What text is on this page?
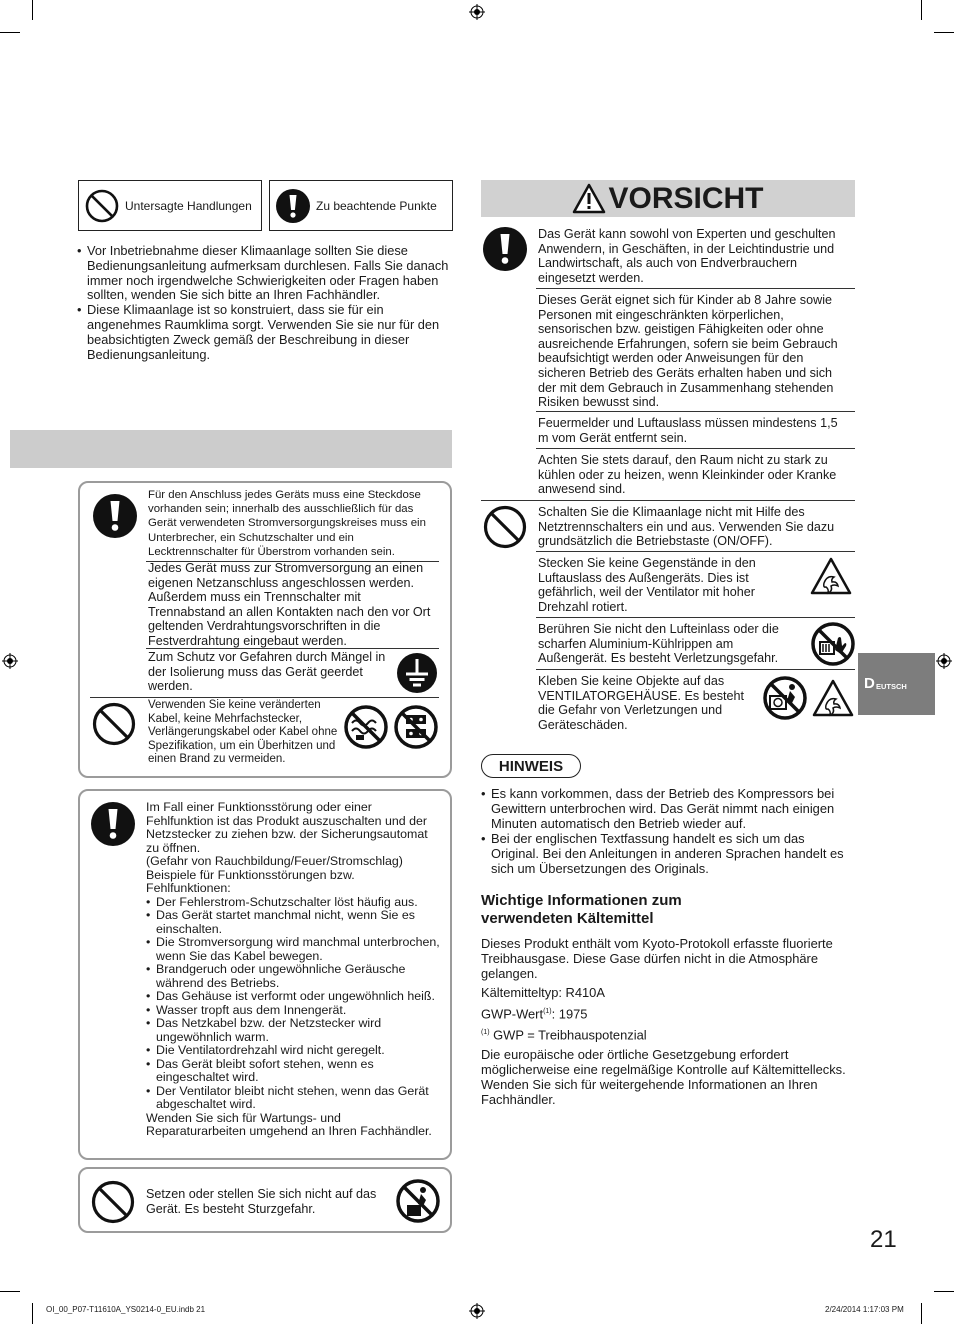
Untersagte Handlungen	Zu beachtende Punkte
• Vor Inbetriebnahme dieser Klimaanlage sollten Sie diese Bedienungsanleitung aufmerksam durchlesen. Falls Sie danach immer noch irgendwelche Schwierigkeiten oder Fragen haben sollten, wenden Sie sich bitte an Ihren Fachhändler.
• Diese Klimaanlage ist so konstruiert, dass sie für ein angenehmes Raumklima sorgt. Verwenden Sie sie nur für den beabsichtigten Zweck gemäß der Beschreibung in dieser Bedienungsanleitung.
Für den Anschluss jedes Geräts muss eine Steckdose vorhanden sein; innerhalb des ausschließlich für das Gerät verwendeten Stromversorgungskreises muss ein Unterbrecher, ein Schutzschalter und ein Lecktrennschalter für Überstrom vorhanden sein.
Jedes Gerät muss zur Stromversorgung an einen eigenen Netzanschluss angeschlossen werden. Außerdem muss ein Trennschalter mit Trennabstand an allen Kontakten nach den vor Ort geltenden Verdrahtungsvorschriften in die Festverdrahtung eingebaut werden.
Zum Schutz vor Gefahren durch Mängel in der Isolierung muss das Gerät geerdet werden.
Verwenden Sie keine veränderten Kabel, keine Mehrfachstecker, Verlängerungskabel oder Kabel ohne Spezifikation, um ein Überhitzen und einen Brand zu vermeiden.
Im Fall einer Funktionsstörung oder einer Fehlfunktion ist das Produkt auszuschalten und der Netzstecker zu ziehen bzw. der Sicherungsautomat zu öffnen.
(Gefahr von Rauchbildung/Feuer/Stromschlag)
Beispiele für Funktionsstörungen bzw. Fehlfunktionen:
• Der Fehlerstrom-Schutzschalter löst häufig aus.
• Das Gerät startet manchmal nicht, wenn Sie es einschalten.
• Die Stromversorgung wird manchmal unterbrochen, wenn Sie das Kabel bewegen.
• Brandgeruch oder ungewöhnliche Geräusche während des Betriebs.
• Das Gehäuse ist verformt oder ungewöhnlich heiß.
• Wasser tropft aus dem Innengerät.
• Das Netzkabel bzw. der Netzstecker wird ungewöhnlich warm.
• Die Ventilatordrehzahl wird nicht geregelt.
• Das Gerät bleibt sofort stehen, wenn es eingeschaltet wird.
• Der Ventilator bleibt nicht stehen, wenn das Gerät abgeschaltet wird.
Wenden Sie sich für Wartungs- und Reparaturarbeiten umgehend an Ihren Fachhändler.
Setzen oder stellen Sie sich nicht auf das Gerät. Es besteht Sturzgefahr.
VORSICHT
Das Gerät kann sowohl von Experten und geschulten Anwendern, in Geschäften, in der Leichtindustrie und Landwirtschaft, als auch von Endverbrauchern eingesetzt werden.
Dieses Gerät eignet sich für Kinder ab 8 Jahre sowie Personen mit eingeschränkten körperlichen, sensorischen bzw. geistigen Fähigkeiten oder ohne ausreichende Erfahrungen, sofern sie beim Gebrauch beaufsichtigt werden oder Anweisungen für den sicheren Betrieb des Geräts erhalten haben und sich der mit dem Gebrauch in Zusammenhang stehenden Risiken bewusst sind.
Feuermelder und Luftauslass müssen mindestens 1,5 m vom Gerät entfernt sein.
Achten Sie stets darauf, den Raum nicht zu stark zu kühlen oder zu heizen, wenn Kleinkinder oder Kranke anwesend sind.
Schalten Sie die Klimaanlage nicht mit Hilfe des Netztrennschalters ein und aus. Verwenden Sie dazu grundsätzlich die Betriebstaste (ON/OFF).
Stecken Sie keine Gegenstände in den Luftauslass des Außengeräts. Dies ist gefährlich, weil der Ventilator mit hoher Drehzahl rotiert.
Berühren Sie nicht den Lufteinlass oder die scharfen Aluminium-Kühlrippen am Außengerät. Es besteht Verletzungsgefahr.
Kleben Sie keine Objekte auf das VENTILATORGEHÄUSE. Es besteht die Gefahr von Verletzungen und Geräteschäden.
HINWEIS
• Es kann vorkommen, dass der Betrieb des Kompressors bei Gewittern unterbrochen wird. Das Gerät nimmt nach einigen Minuten automatisch den Betrieb wieder auf.
• Bei der englischen Textfassung handelt es sich um das Original. Bei den Anleitungen in anderen Sprachen handelt es sich um Übersetzungen des Originals.
Wichtige Informationen zum verwendeten Kältemittel
Dieses Produkt enthält vom Kyoto-Protokoll erfasste fluorierte Treibhausgase. Diese Gase dürfen nicht in die Atmosphäre gelangen.
Kältemitteltyp: R410A
GWP-Wert$^{(1)}$: 1975
$^{(1)}$ GWP = Treibhauspotenzial
Die europäische oder örtliche Gesetzgebung erfordert möglicherweise eine regelmäßige Kontrolle auf Kältemittellecks. Wenden Sie sich für weitergehende Informationen an Ihren Fachhändler.
D EUTSCH
21
OI_00_P07-T11610A_YS0214-0_EU.indb 21	2/24/2014 1:17:03 PM
